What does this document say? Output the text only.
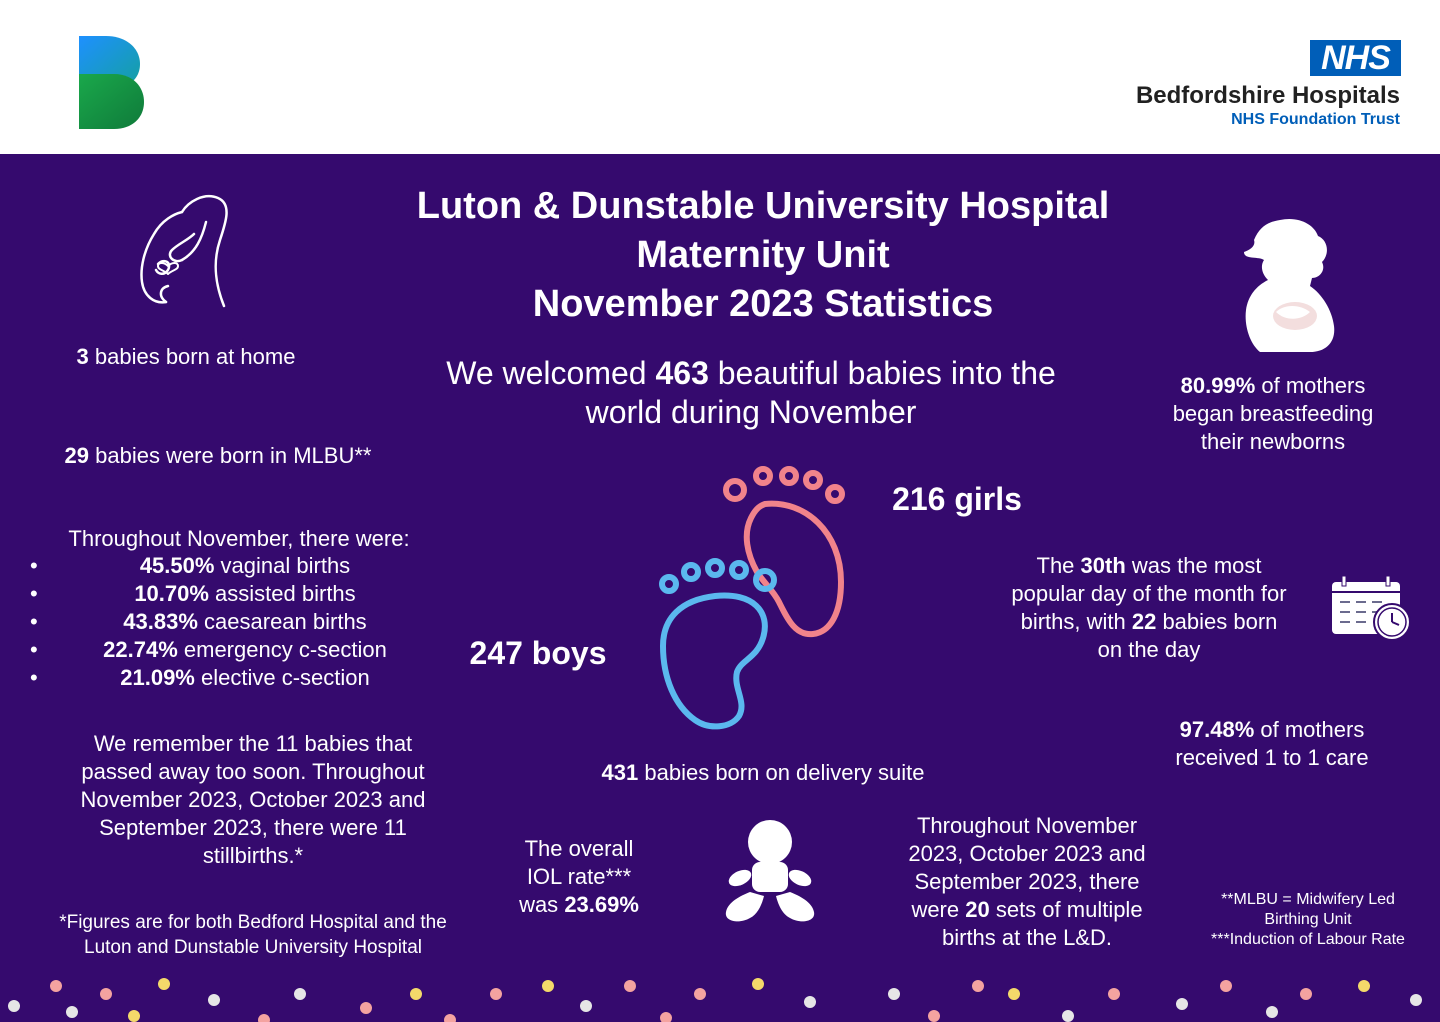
NHS
Bedfordshire Hospitals
NHS Foundation Trust
Luton & Dunstable University Hospital
Maternity Unit
November 2023 Statistics
3 babies born at home
29 babies were born in MLBU**
Throughout November, there were:
• 45.50% vaginal births
• 10.70% assisted births
• 43.83% caesarean births
• 22.74% emergency c-section
• 21.09% elective c-section
We remember the 11 babies that passed away too soon. Throughout November 2023, October 2023 and September 2023, there were 11 stillbirths.*
*Figures are for both Bedford Hospital and the Luton and Dunstable University Hospital
We welcomed 463 beautiful babies into the world during November
216 girls
247 boys
431 babies born on delivery suite
The overall
IOL rate***
was 23.69%
Throughout November 2023, October 2023 and September 2023, there were 20 sets of multiple births at the L&D.
80.99% of mothers began breastfeeding their newborns
The 30th was the most popular day of the month for births, with 22 babies born on the day
97.48% of mothers received 1 to 1 care
**MLBU = Midwifery Led
Birthing Unit
***Induction of Labour Rate
